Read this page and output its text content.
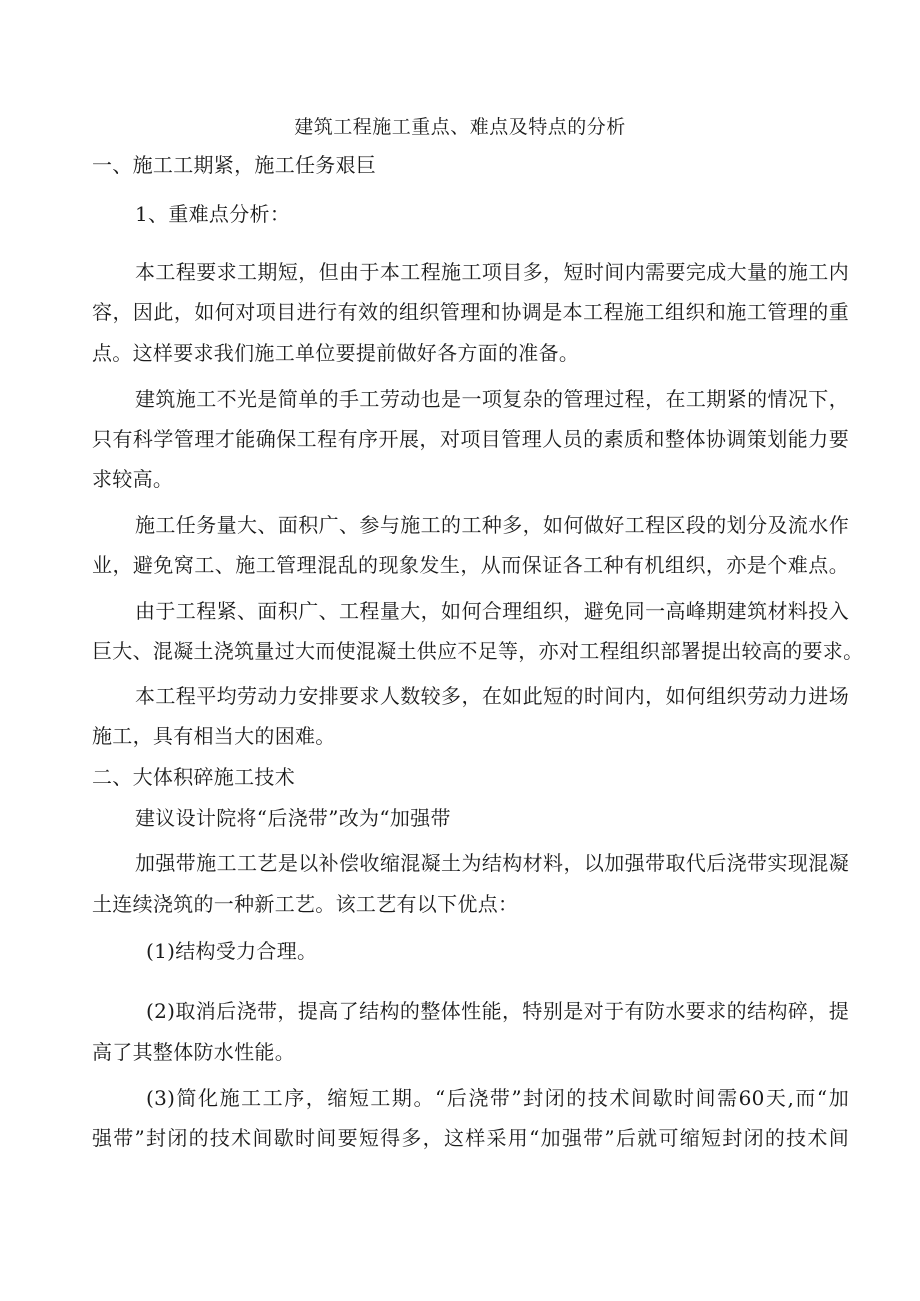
建筑工程施工重点、难点及特点的分析
一、施工工期紧，施工任务艰巨
1、重难点分析：
本工程要求工期短，但由于本工程施工项目多，短时间内需要完成大量的施工内
容，因此，如何对项目进行有效的组织管理和协调是本工程施工组织和施工管理的重
点。这样要求我们施工单位要提前做好各方面的准备。
建筑施工不光是简单的手工劳动也是一项复杂的管理过程，在工期紧的情况下，
只有科学管理才能确保工程有序开展，对项目管理人员的素质和整体协调策划能力要
求较高。
施工任务量大、面积广、参与施工的工种多，如何做好工程区段的划分及流水作
业，避免窝工、施工管理混乱的现象发生，从而保证各工种有机组织，亦是个难点。
由于工程紧、面积广、工程量大，如何合理组织，避免同一高峰期建筑材料投入
巨大、混凝土浇筑量过大而使混凝土供应不足等，亦对工程组织部署提出较高的要求。
本工程平均劳动力安排要求人数较多，在如此短的时间内，如何组织劳动力进场
施工，具有相当大的困难。
二、大体积碎施工技术
建议设计院将“后浇带”改为“加强带
加强带施工工艺是以补偿收缩混凝土为结构材料，以加强带取代后浇带实现混凝
土连续浇筑的一种新工艺。该工艺有以下优点：
(1)结构受力合理。
(2)取消后浇带，提高了结构的整体性能，特别是对于有防水要求的结构碎，提
高了其整体防水性能。
(3)简化施工工序，缩短工期。“后浇带”封闭的技术间歇时间需60天,而“加
强带”封闭的技术间歇时间要短得多，这样采用“加强带”后就可缩短封闭的技术间
